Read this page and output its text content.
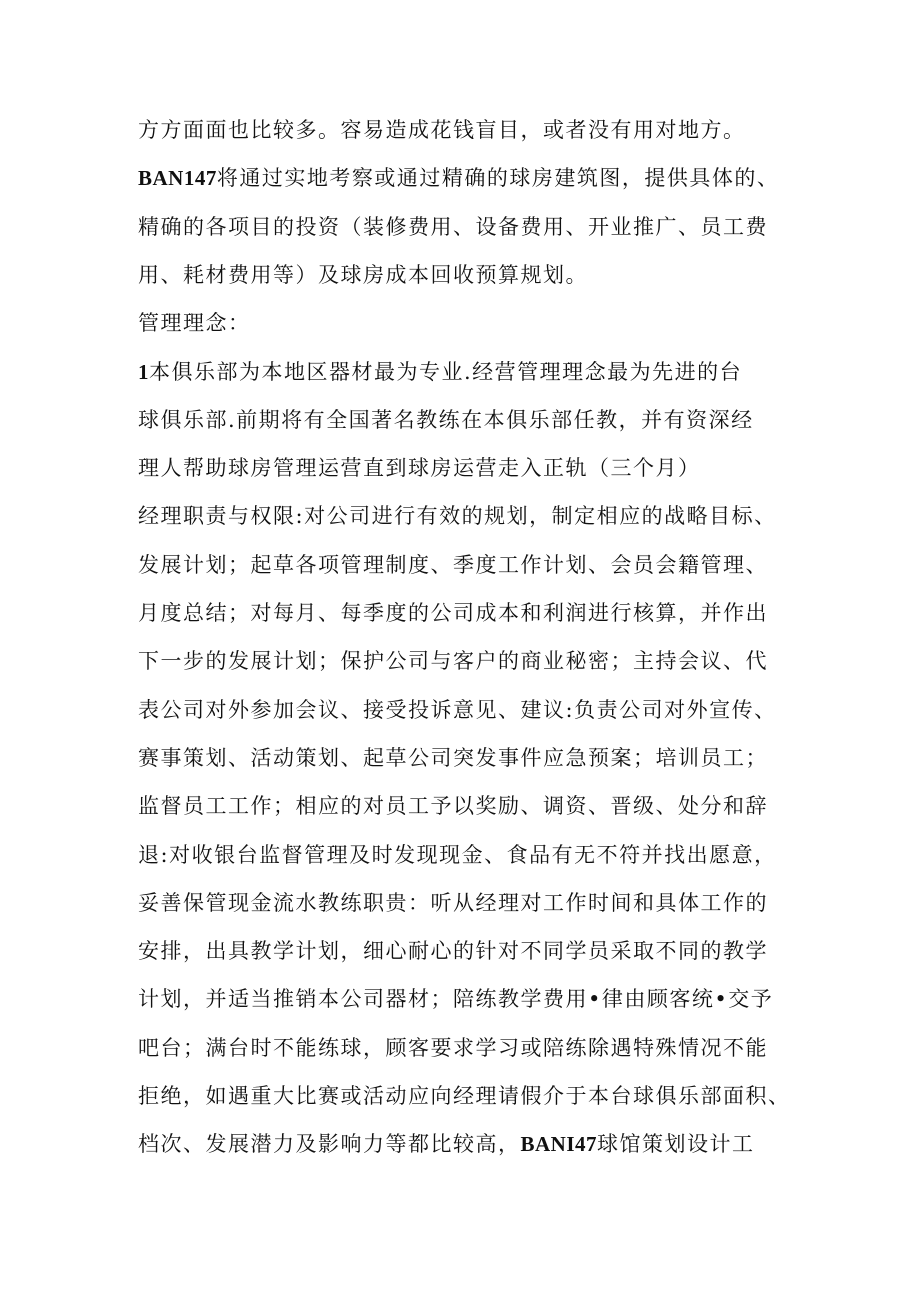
方方面面也比较多。容易造成花钱盲目，或者没有用对地方。
BAN147将通过实地考察或通过精确的球房建筑图，提供具体的、
精确的各项目的投资（装修费用、设备费用、开业推广、员工费
用、耗材费用等）及球房成本回收预算规划。
管理理念：
1本俱乐部为本地区器材最为专业.经营管理理念最为先进的台
球俱乐部.前期将有全国著名教练在本俱乐部任教，并有资深经
理人帮助球房管理运营直到球房运营走入正轨（三个月）
经理职责与权限:对公司进行有效的规划，制定相应的战略目标、
发展计划；起草各项管理制度、季度工作计划、会员会籍管理、
月度总结；对每月、每季度的公司成本和利润进行核算，并作出
下一步的发展计划；保护公司与客户的商业秘密；主持会议、代
表公司对外参加会议、接受投诉意见、建议:负责公司对外宣传、
赛事策划、活动策划、起草公司突发事件应急预案；培训员工；
监督员工工作；相应的对员工予以奖励、调资、晋级、处分和辞
退:对收银台监督管理及时发现现金、食品有无不符并找出愿意，
妥善保管现金流水教练职贵：听从经理对工作时间和具体工作的
安排，出具教学计划，细心耐心的针对不同学员采取不同的教学
计划，并适当推销本公司器材；陪练教学费用•律由顾客统•交予
吧台；满台时不能练球，顾客要求学习或陪练除遇特殊情况不能
拒绝，如遇重大比赛或活动应向经理请假介于本台球俱乐部面积、
档次、发展潜力及影响力等都比较高，BANI47球馆策划设计工
